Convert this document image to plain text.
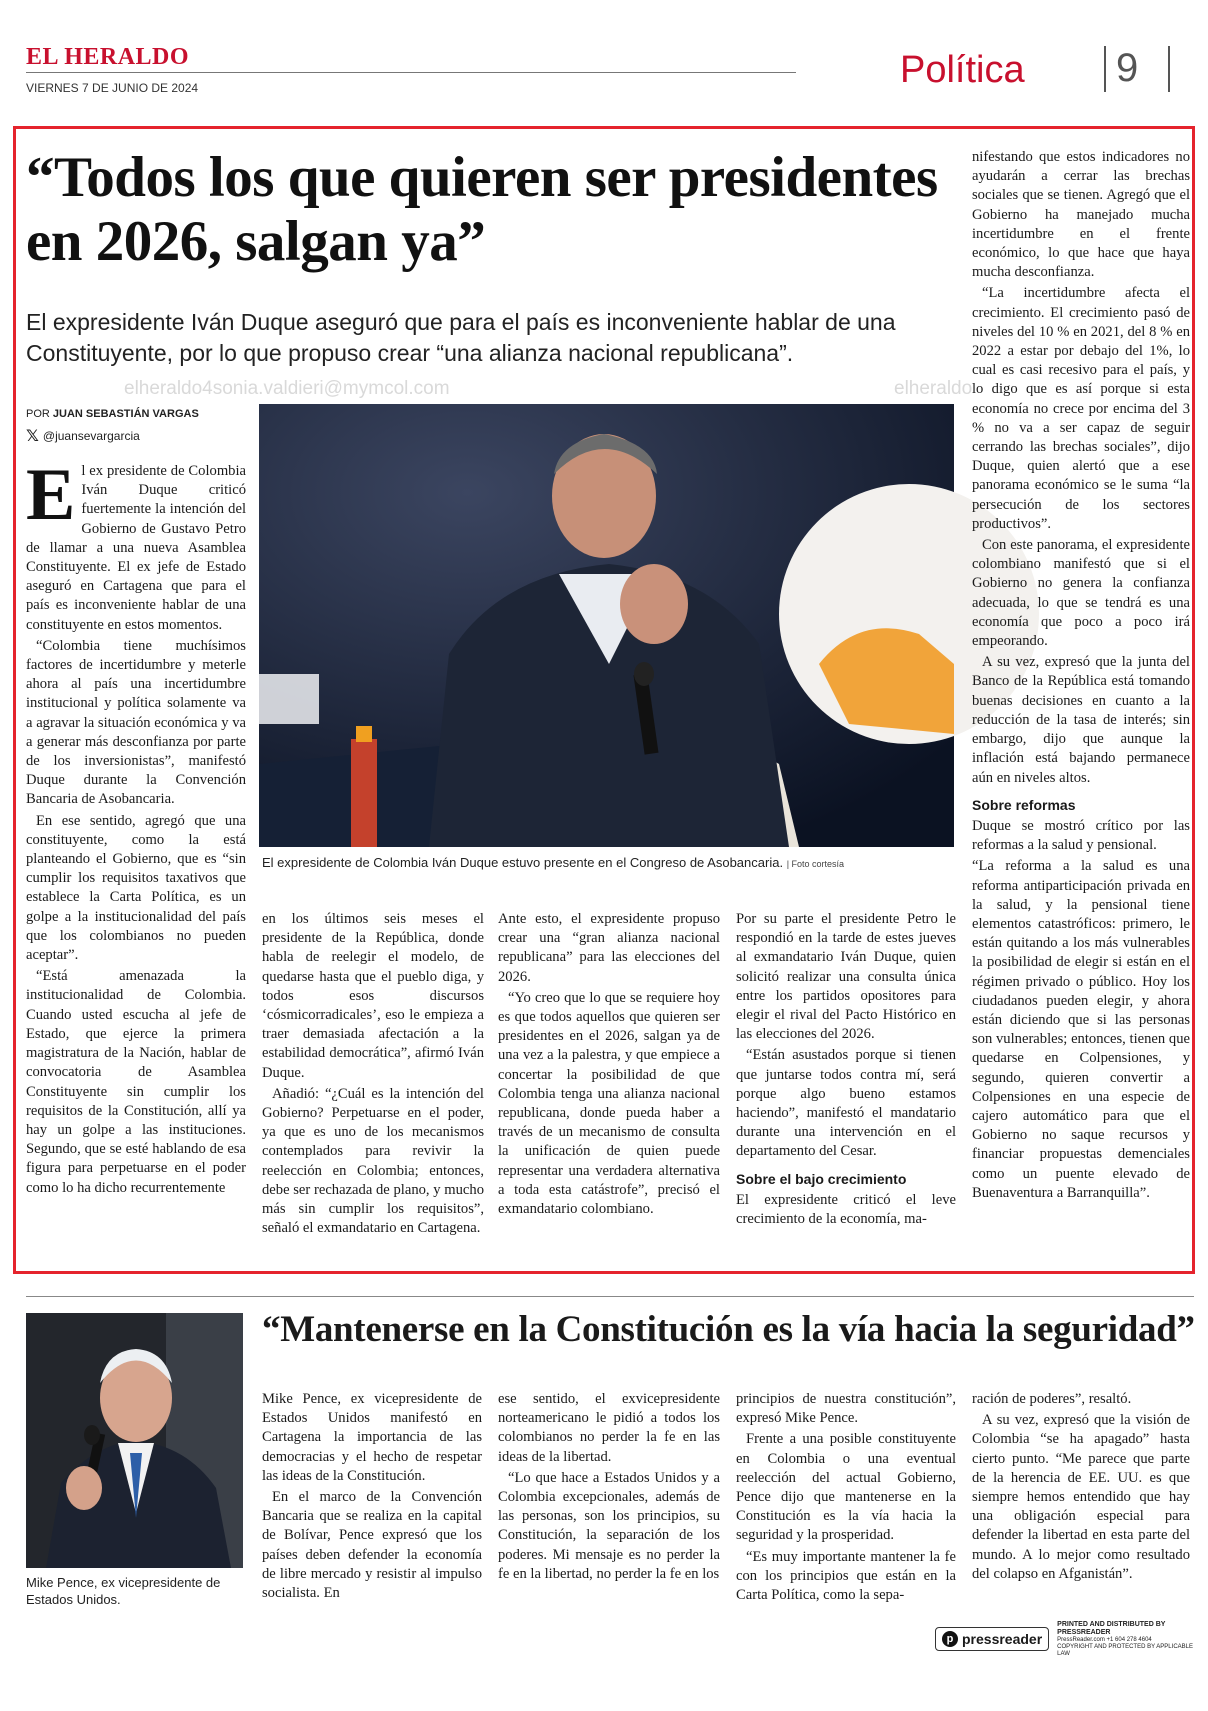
EL HERALDO
VIERNES 7 DE JUNIO DE 2024	Política 9
“Todos los que quieren ser presidentes en 2026, salgan ya”

El expresidente Iván Duque aseguró que para el país es inconveniente hablar de una Constituyente, por lo que propuso crear “una alianza nacional republicana”.

elheraldo4sonia.valdieri@mymcol.com	elheraldo
POR JUAN SEBASTIÁN VARGAS
𝕏 @juansevargarcia
El expresidente de Colombia Iván Duque estuvo presente en el Congreso de Asobancaria. | Foto cortesía

El ex presidente de Colombia Iván Duque criticó fuertemente la intención del Gobierno de Gustavo Petro de llamar a una nueva Asamblea Constituyente. El ex jefe de Estado aseguró en Cartagena que para el país es inconveniente hablar de una constituyente en estos momentos.

“Colombia tiene muchísimos factores de incertidumbre y meterle ahora al país una incertidumbre institucional y política solamente va a agravar la situación económica y va a generar más desconfianza por parte de los inversionistas”, manifestó Duque durante la Convención Bancaria de Asobancaria.

En ese sentido, agregó que una constituyente, como la está planteando el Gobierno, que es “sin cumplir los requisitos taxativos que establece la Carta Política, es un golpe a la institucionalidad del país que los colombianos no pueden aceptar”.

“Está amenazada la institucionalidad de Colombia. Cuando usted escucha al jefe de Estado, que ejerce la primera magistratura de la Nación, hablar de convocatoria de Asamblea Constituyente sin cumplir los requisitos de la Constitución, allí ya hay un golpe a las instituciones. Segundo, que se esté hablando de esa figura para perpetuarse en el poder como lo ha dicho recurrentemente

en los últimos seis meses el presidente de la República, donde habla de reelegir el modelo, de quedarse hasta que el pueblo diga, y todos esos discursos ‘cósmicorradicales’, eso le empieza a traer demasiada afectación a la estabilidad democrática”, afirmó Iván Duque.

Añadió: “¿Cuál es la intención del Gobierno? Perpetuarse en el poder, ya que es uno de los mecanismos contemplados para revivir la reelección en Colombia; entonces, debe ser rechazada de plano, y mucho más sin cumplir los requisitos”, señaló el exmandatario en Cartagena.

Ante esto, el expresidente propuso crear una “gran alianza nacional republicana” para las elecciones del 2026.

“Yo creo que lo que se requiere hoy es que todos aquellos que quieren ser presidentes en el 2026, salgan ya de una vez a la palestra, y que empiece a concertar la posibilidad de que Colombia tenga una alianza nacional republicana, donde pueda haber a través de un mecanismo de consulta la unificación de quien puede representar una verdadera alternativa a toda esta catástrofe”, precisó el exmandatario colombiano.

Por su parte el presidente Petro le respondió en la tarde de estes jueves al exmandatario Iván Duque, quien solicitó realizar una consulta única entre los partidos opositores para elegir el rival del Pacto Histórico en las elecciones del 2026.

“Están asustados porque si tienen que juntarse todos contra mí, será porque algo bueno estamos haciendo”, manifestó el mandatario durante una intervención en el departamento del Cesar.

Sobre el bajo crecimiento

El expresidente criticó el leve crecimiento de la economía, ma-

nifestando que estos indicadores no ayudarán a cerrar las brechas sociales que se tienen. Agregó que el Gobierno ha manejado mucha incertidumbre en el frente económico, lo que hace que haya mucha desconfianza.

“La incertidumbre afecta el crecimiento. El crecimiento pasó de niveles del 10 % en 2021, del 8 % en 2022 a estar por debajo del 1%, lo cual es casi recesivo para el país, y lo digo que es así porque si esta economía no crece por encima del 3 % no va a ser capaz de seguir cerrando las brechas sociales”, dijo Duque, quien alertó que a ese panorama económico se le suma “la persecución de los sectores productivos”.

Con este panorama, el expresidente colombiano manifestó que si el Gobierno no genera la confianza adecuada, lo que se tendrá es una economía que poco a poco irá empeorando.

A su vez, expresó que la junta del Banco de la República está tomando buenas decisiones en cuanto a la reducción de la tasa de interés; sin embargo, dijo que aunque la inflación está bajando permanece aún en niveles altos.

Sobre reformas

Duque se mostró crítico por las reformas a la salud y pensional.

“La reforma a la salud es una reforma antiparticipación privada en la salud, y la pensional tiene elementos catastróficos: primero, le están quitando a los más vulnerables la posibilidad de elegir si están en el régimen privado o público. Hoy los ciudadanos pueden elegir, y ahora están diciendo que si las personas son vulnerables; entonces, tienen que quedarse en Colpensiones, y segundo, quieren convertir a Colpensiones en una especie de cajero automático para que el Gobierno no saque recursos y financiar propuestas demenciales como un puente elevado de Buenaventura a Barranquilla”.

Mike Pence, ex vicepresidente de Estados Unidos.
“Mantenerse en la Constitución es la vía hacia la seguridad”

Mike Pence, ex vicepresidente de Estados Unidos manifestó en Cartagena la importancia de las democracias y el hecho de respetar las ideas de la Constitución.

En el marco de la Convención Bancaria que se realiza en la capital de Bolívar, Pence expresó que los países deben defender la economía de libre mercado y resistir al impulso socialista. En

ese sentido, el exvicepresidente norteamericano le pidió a todos los colombianos no perder la fe en las ideas de la libertad.

“Lo que hace a Estados Unidos y a Colombia excepcionales, además de las personas, son los principios, su Constitución, la separación de los poderes. Mi mensaje es no perder la fe en la libertad, no perder la fe en los

principios de nuestra constitución”, expresó Mike Pence.

Frente a una posible constituyente en Colombia o una eventual reelección del actual Gobierno, Pence dijo que mantenerse en la Constitución es la vía hacia la seguridad y la prosperidad.

“Es muy importante mantener la fe con los principios que están en la Carta Política, como la sepa-

ración de poderes”, resaltó.

A su vez, expresó que la visión de Colombia “se ha apagado” hasta cierto punto. “Me parece que parte de la herencia de EE. UU. es que siempre hemos entendido que hay una obligación especial para defender la libertad en esta parte del mundo. A lo mejor como resultado del colapso en Afganistán”.

p pressreader
PRINTED AND DISTRIBUTED BY PRESSREADER
PressReader.com +1 604 278 4604
COPYRIGHT AND PROTECTED BY APPLICABLE LAW
